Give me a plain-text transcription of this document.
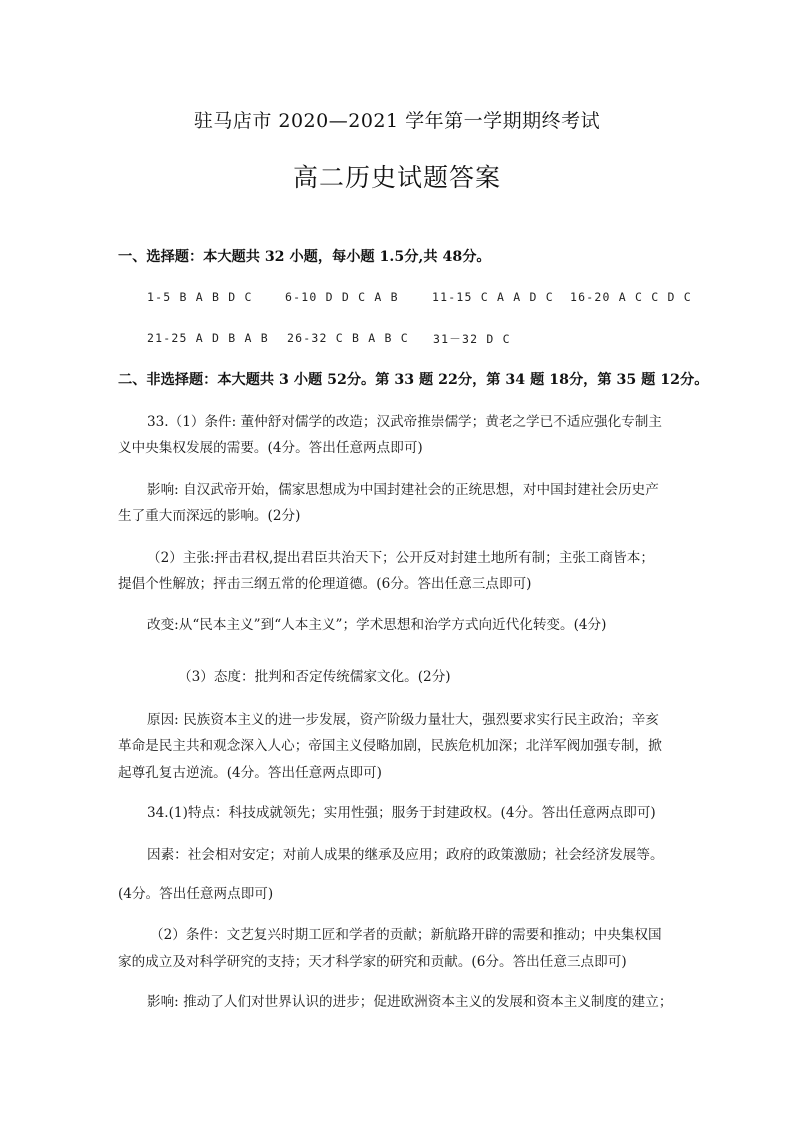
驻马店市 2020—2021 学年第一学期期终考试
高二历史试题答案
一、选择题：本大题共 32 小题，每小题 1.5分,共 48分。
1-5 B A B D C	6-10 D D C A B	11-15 C A A D C 16-20 A C C D C
21-25 A D B A B 26-32 C B A B C 31－32 D C
二、非选择题：本大题共 3 小题 52分。第 33 题 22分，第 34 题 18分，第 35 题 12分。
33.（1）条件: 董仲舒对儒学的改造；汉武帝推崇儒学；黄老之学已不适应强化专制主
义中央集权发展的需要。(4分。答出任意两点即可)
影响: 自汉武帝开始，儒家思想成为中国封建社会的正统思想，对中国封建社会历史产
生了重大而深远的影响。(2分)
（2）主张:抨击君权,提出君臣共治天下；公开反对封建土地所有制；主张工商皆本；
提倡个性解放；抨击三纲五常的伦理道德。(6分。答出任意三点即可)
改变:从“民本主义”到“人本主义”；学术思想和治学方式向近代化转变。(4分)
（3）态度：批判和否定传统儒家文化。(2分)
原因: 民族资本主义的进一步发展，资产阶级力量壮大，强烈要求实行民主政治；辛亥
革命是民主共和观念深入人心；帝国主义侵略加剧，民族危机加深；北洋军阀加强专制，掀
起尊孔复古逆流。(4分。答出任意两点即可)
34.(1)特点：科技成就领先；实用性强；服务于封建政权。(4分。答出任意两点即可)
因素：社会相对安定；对前人成果的继承及应用；政府的政策激励；社会经济发展等。
(4分。答出任意两点即可)
（2）条件：文艺复兴时期工匠和学者的贡献；新航路开辟的需要和推动；中央集权国
家的成立及对科学研究的支持；天才科学家的研究和贡献。(6分。答出任意三点即可)
影响: 推动了人们对世界认识的进步；促进欧洲资本主义的发展和资本主义制度的建立；
